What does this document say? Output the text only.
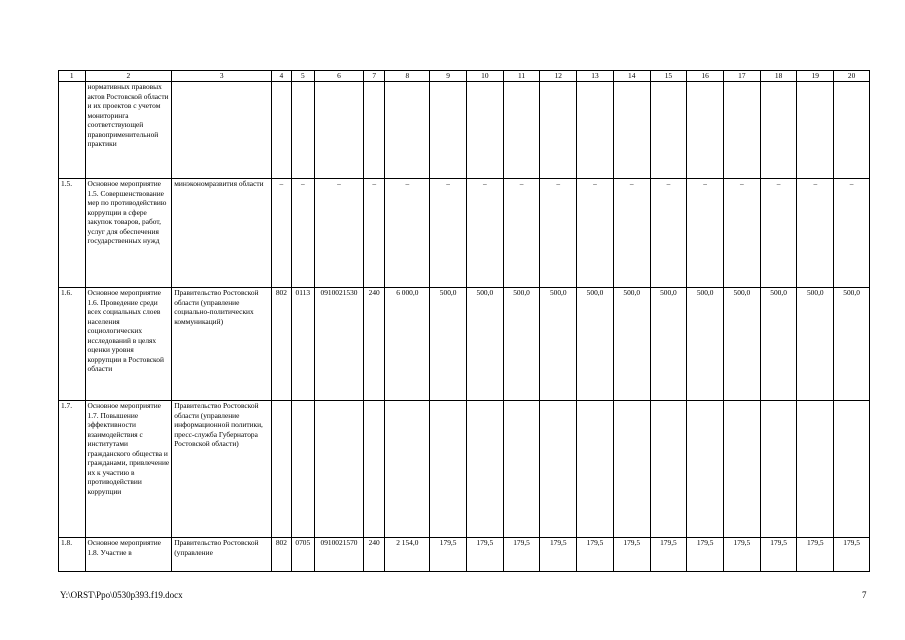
1	2	3	4	5	6	7	8	9	10	11	12	13	14	15	16	17	18	19	20
	нормативных правовых актов Ростовской области и их проектов с учетом мониторинга соответствующей правоприменительной практики																		
1.5.	Основное мероприятие 1.5. Совершенствование мер по противодействию коррупции в сфере закупок товаров, работ, услуг для обеспечения государственных нужд	минэкономразвития области	–	–	–	–	–	–	–	–	–	–	–	–	–	–	–	–	–
1.6.	Основное мероприятие 1.6. Проведение среди всех социальных слоев населения социологических исследований в целях оценки уровня коррупции в Ростовской области	Правительство Ростовской области (управление социально-политических коммуникаций)	802	0113	0910021530	240	6 000,0	500,0	500,0	500,0	500,0	500,0	500,0	500,0	500,0	500,0	500,0	500,0	500,0
1.7.	Основное мероприятие 1.7. Повышение эффективности взаимодействия с институтами гражданского общества и гражданами, привлечение их к участию в противодействии коррупции	Правительство Ростовской области (управление информационной политики, пресс-служба Губернатора Ростовской области)																	
1.8.	Основное мероприятие 1.8. Участие в	Правительство Ростовской (управление	802	0705	0910021570	240	2 154,0	179,5	179,5	179,5	179,5	179,5	179,5	179,5	179,5	179,5	179,5	179,5	179,5
Y:\ORST\Ppo\0530p393.f19.docx	7
